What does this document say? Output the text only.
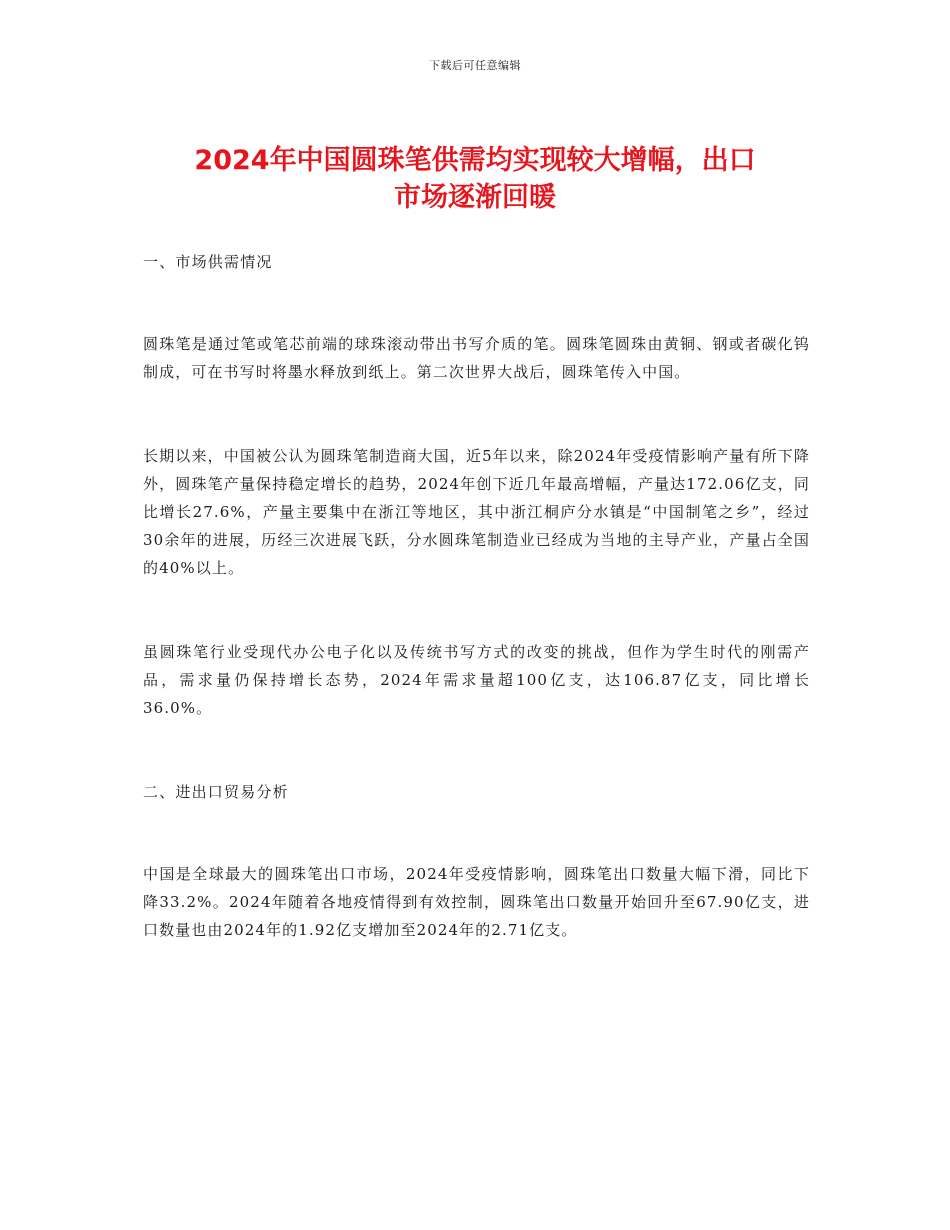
下载后可任意编辑
2024年中国圆珠笔供需均实现较大增幅，出口
市场逐渐回暖
一、市场供需情况

圆珠笔是通过笔或笔芯前端的球珠滚动带出书写介质的笔。圆珠笔圆珠由黄铜、钢或者碳化钨制成，可在书写时将墨水释放到纸上。第二次世界大战后，圆珠笔传入中国。

长期以来，中国被公认为圆珠笔制造商大国，近5年以来，除2024年受疫情影响产量有所下降外，圆珠笔产量保持稳定增长的趋势，2024年创下近几年最高增幅，产量达172.06亿支，同比增长27.6%，产量主要集中在浙江等地区，其中浙江桐庐分水镇是“中国制笔之乡”，经过30余年的进展，历经三次进展飞跃，分水圆珠笔制造业已经成为当地的主导产业，产量占全国的40%以上。

虽圆珠笔行业受现代办公电子化以及传统书写方式的改变的挑战，但作为学生时代的刚需产品，需求量仍保持增长态势，2024年需求量超100亿支，达106.87亿支，同比增长36.0%。

二、进出口贸易分析

中国是全球最大的圆珠笔出口市场，2024年受疫情影响，圆珠笔出口数量大幅下滑，同比下降33.2%。2024年随着各地疫情得到有效控制，圆珠笔出口数量开始回升至67.90亿支，进口数量也由2024年的1.92亿支增加至2024年的2.71亿支。
